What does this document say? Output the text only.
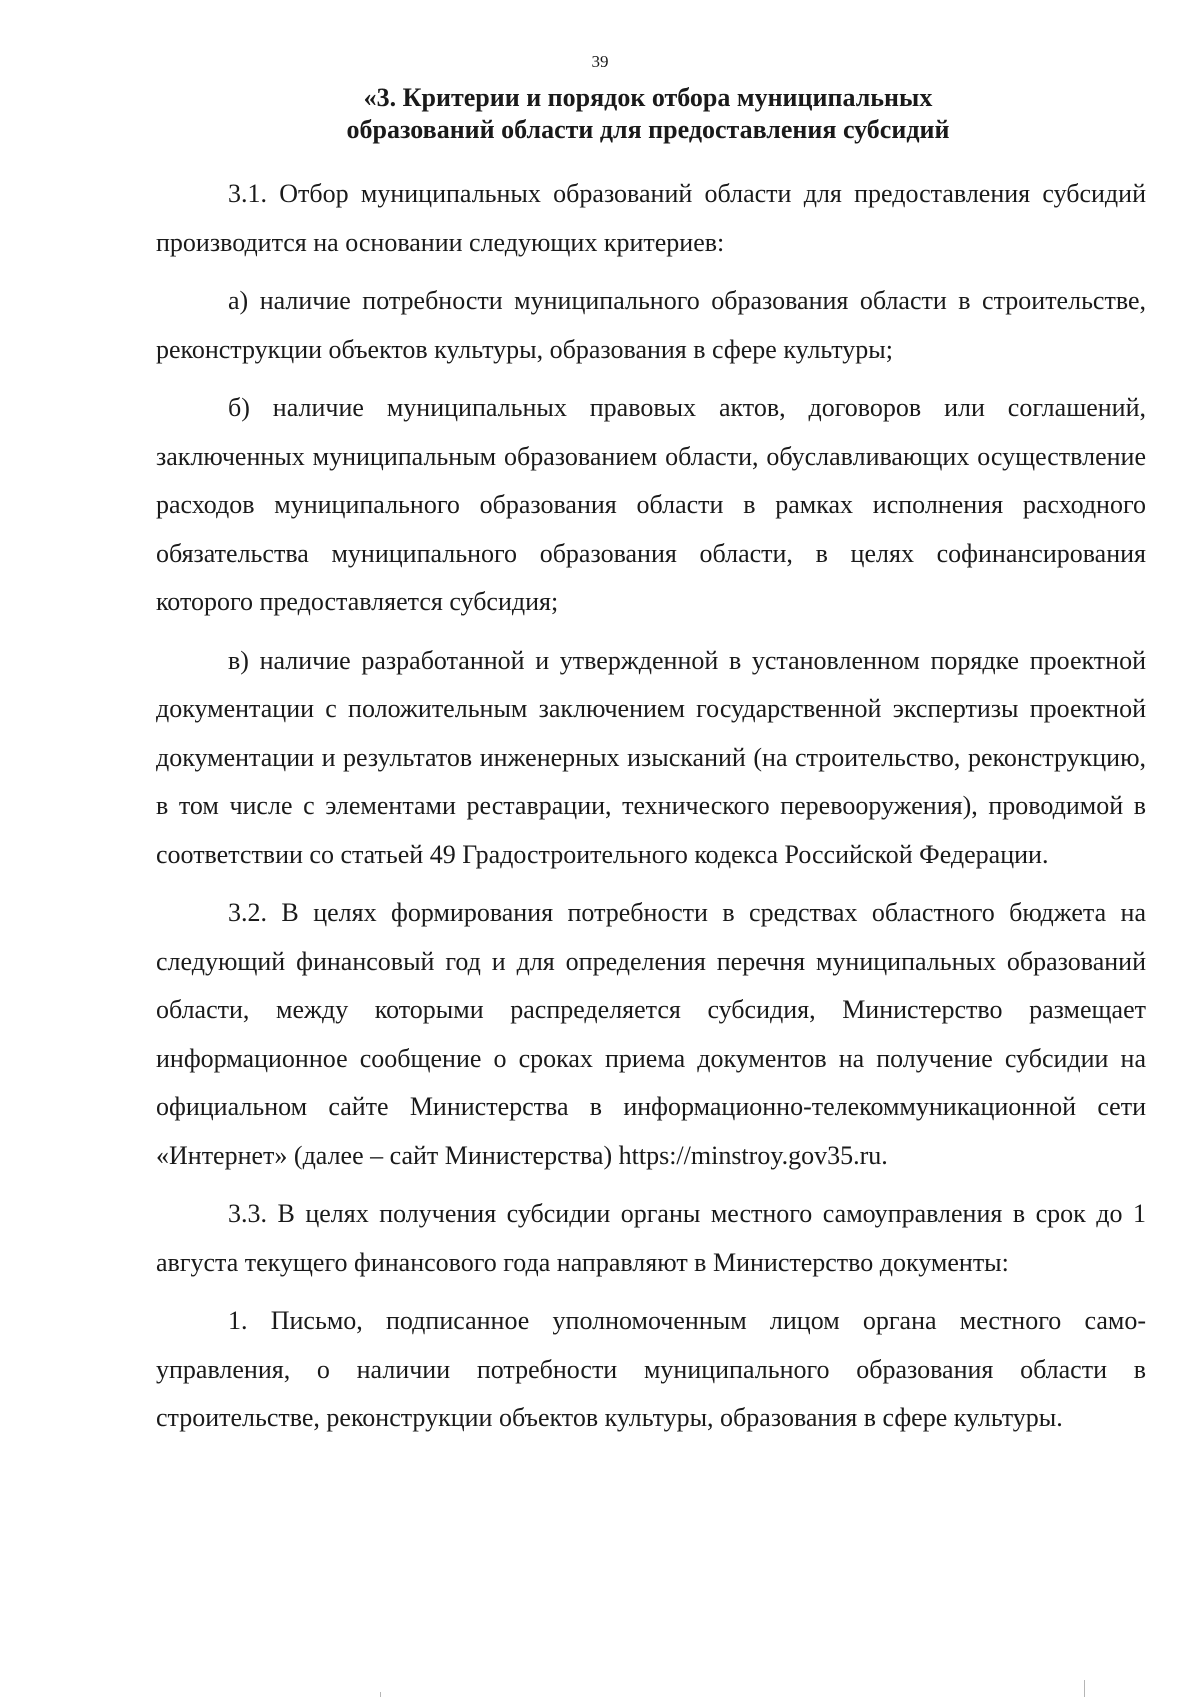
39
«3. Критерии и порядок отбора муниципальных
образований области для предоставления субсидий

3.1. Отбор муниципальных образований области для предоставления субсидий производится на основании следующих критериев:

а) наличие потребности муниципального образования области в строительстве, реконструкции объектов культуры, образования в сфере культуры;

б) наличие муниципальных правовых актов, договоров или соглашений, заключенных муниципальным образованием области, обуславливающих осуществление расходов муниципального образования области в рамках исполнения расходного обязательства муниципального образования области, в целях софинансирования которого предоставляется субсидия;

в) наличие разработанной и утвержденной в установленном порядке проектной документации с положительным заключением государственной экспертизы проектной документации и результатов инженерных изысканий (на строительство, реконструкцию, в том числе с элементами реставрации, технического перевооружения), проводимой в соответствии со статьей 49 Градостроительного кодекса Российской Федерации.

3.2. В целях формирования потребности в средствах областного бюджета на следующий финансовый год и для определения перечня муниципальных образований области, между которыми распределяется субсидия, Министерство размещает информационное сообщение о сроках приема документов на получение субсидии на официальном сайте Министерства в информационно-телекоммуникационной сети «Интернет» (далее – сайт Министерства) https://minstroy.gov35.ru.

3.3. В целях получения субсидии органы местного самоуправления в срок до 1 августа текущего финансового года направляют в Министерство документы:

1. Письмо, подписанное уполномоченным лицом органа местного самоуправления, о наличии потребности муниципального образования области в строительстве, реконструкции объектов культуры, образования в сфере культуры.
